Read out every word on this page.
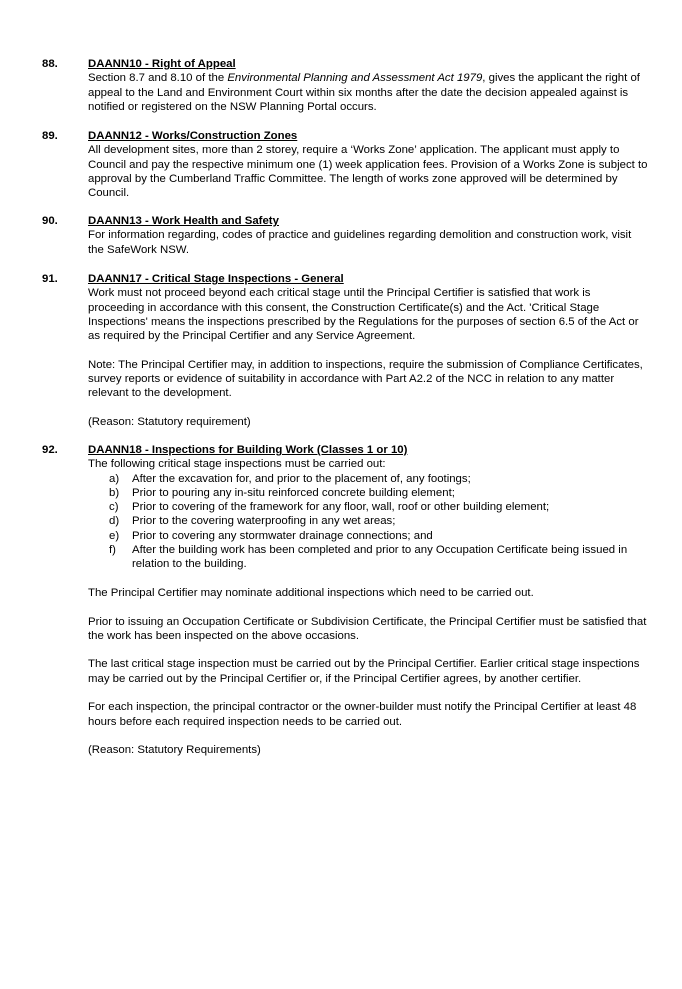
88.	DAANN10 - Right of Appeal

Section 8.7 and 8.10 of the Environmental Planning and Assessment Act 1979, gives the applicant the right of appeal to the Land and Environment Court within six months after the date the decision appealed against is notified or registered on the NSW Planning Portal occurs.

89.	DAANN12 - Works/Construction Zones

All development sites, more than 2 storey, require a ‘Works Zone’ application. The applicant must apply to Council and pay the respective minimum one (1) week application fees. Provision of a Works Zone is subject to approval by the Cumberland Traffic Committee. The length of works zone approved will be determined by Council.

90.	DAANN13 - Work Health and Safety

For information regarding, codes of practice and guidelines regarding demolition and construction work, visit the SafeWork NSW.

91.	DAANN17 - Critical Stage Inspections - General

Work must not proceed beyond each critical stage until the Principal Certifier is satisfied that work is proceeding in accordance with this consent, the Construction Certificate(s) and the Act. 'Critical Stage Inspections' means the inspections prescribed by the Regulations for the purposes of section 6.5 of the Act or as required by the Principal Certifier and any Service Agreement.

Note: The Principal Certifier may, in addition to inspections, require the submission of Compliance Certificates, survey reports or evidence of suitability in accordance with Part A2.2 of the NCC in relation to any matter relevant to the development.

(Reason: Statutory requirement)

92.	DAANN18 - Inspections for Building Work (Classes 1 or 10)

The following critical stage inspections must be carried out:

a) After the excavation for, and prior to the placement of, any footings;
b) Prior to pouring any in-situ reinforced concrete building element;
c) Prior to covering of the framework for any floor, wall, roof or other building element;
d) Prior to the covering waterproofing in any wet areas;
e) Prior to covering any stormwater drainage connections; and
f) After the building work has been completed and prior to any Occupation Certificate being issued in relation to the building.

The Principal Certifier may nominate additional inspections which need to be carried out.

Prior to issuing an Occupation Certificate or Subdivision Certificate, the Principal Certifier must be satisfied that the work has been inspected on the above occasions.

The last critical stage inspection must be carried out by the Principal Certifier. Earlier critical stage inspections may be carried out by the Principal Certifier or, if the Principal Certifier agrees, by another certifier.

For each inspection, the principal contractor or the owner-builder must notify the Principal Certifier at least 48 hours before each required inspection needs to be carried out.

(Reason: Statutory Requirements)
